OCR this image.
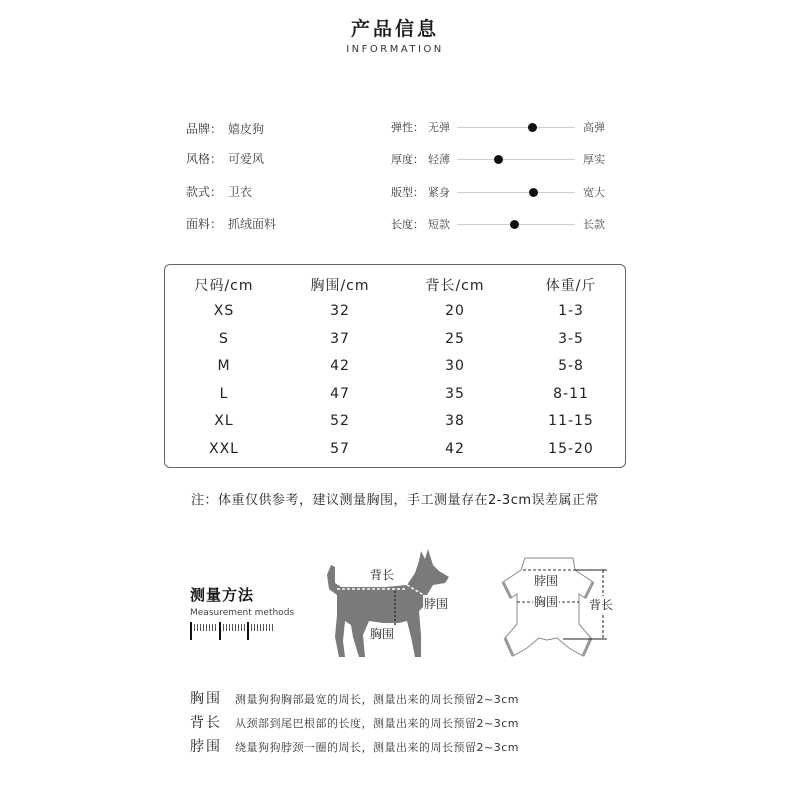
产品信息
INFORMATION
品牌： 嬉皮狗
风格： 可爱风
款式： 卫衣
面料： 抓绒面料
弹性： 无弹	高弹
厚度： 轻薄	厚实
版型： 紧身	宽大
长度： 短款	长款
尺码/cm	胸围/cm	背长/cm	体重/斤
XS	32	20	1-3
S	37	25	3-5
M	42	30	5-8
L	47	35	8-11
XL	52	38	11-15
XXL	57	42	15-20
注：体重仅供参考，建议测量胸围，手工测量存在2-3cm误差属正常
测量方法
Measurement methods
背长
脖围
胸围
脖围
胸围	背长
胸围 测量狗狗胸部最宽的周长，测量出来的周长预留2~3cm
背长 从颈部到尾巴根部的长度，测量出来的周长预留2~3cm
脖围 绕量狗狗脖颈一圈的周长，测量出来的周长预留2~3cm
